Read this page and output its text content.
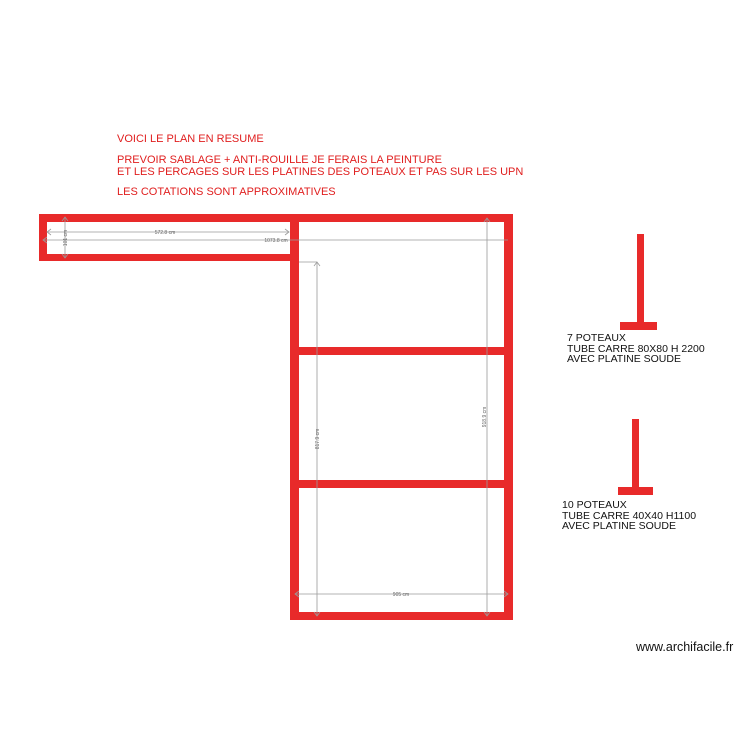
VOICI LE PLAN EN RESUME
PREVOIR SABLAGE + ANTI-ROUILLE JE FERAIS LA PEINTURE
ET LES PERCAGES SUR LES PLATINES DES POTEAUX ET PAS SUR LES UPN
LES COTATIONS SONT APPROXIMATIVES
572.8 cm
1073.8 cm
101 cm
817.9 cm
918.9 cm
905 cm
7 POTEAUX
TUBE CARRE 80X80 H 2200
AVEC PLATINE SOUDE
10 POTEAUX
TUBE CARRE 40X40 H1100
AVEC PLATINE SOUDE
www.archifacile.fr
